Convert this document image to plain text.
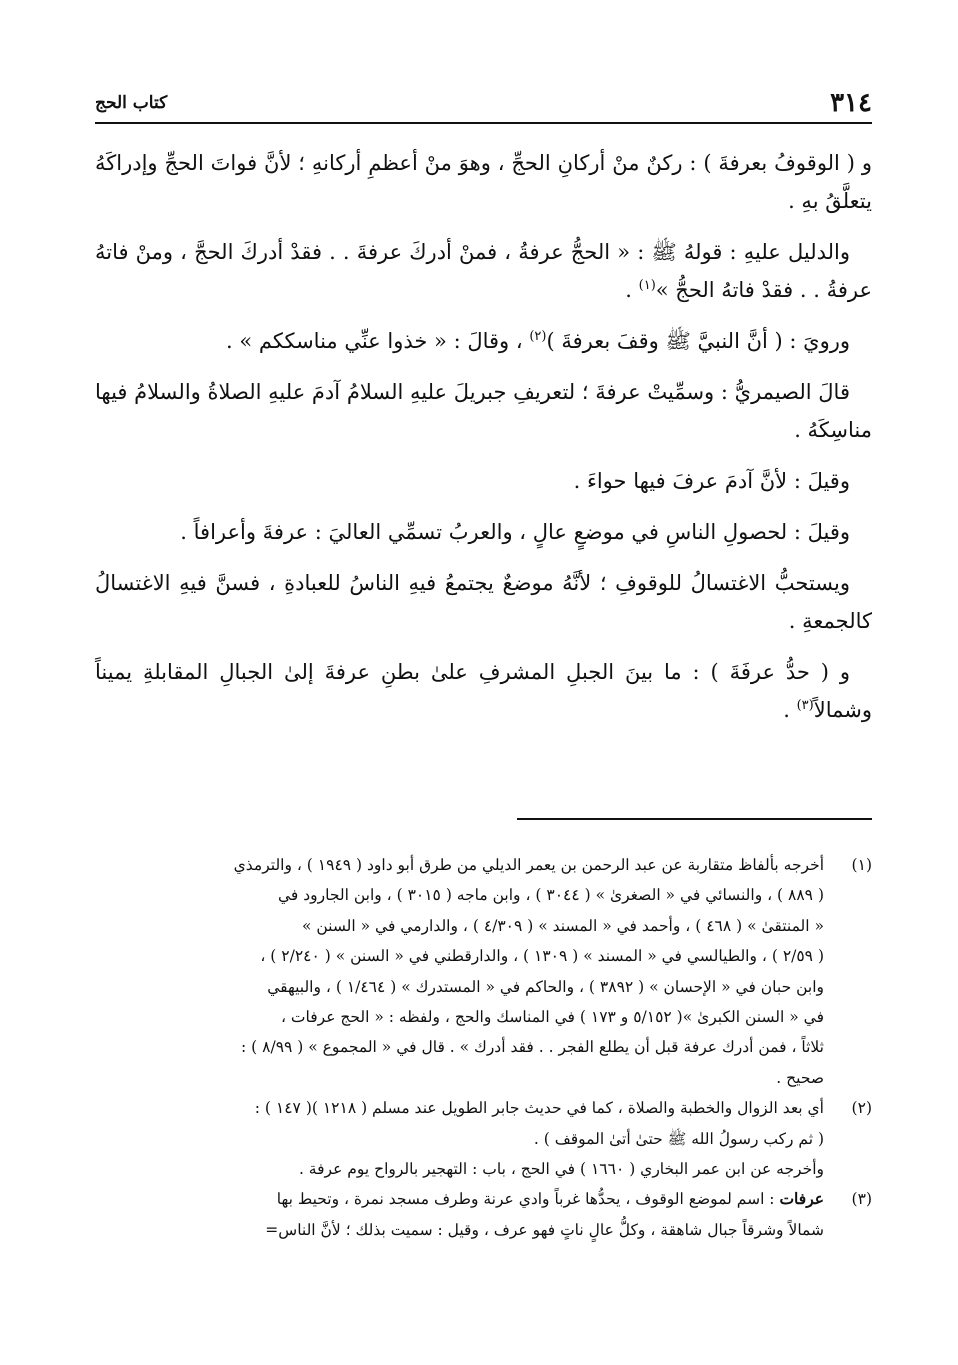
٣١٤
كتاب الحج

و ( الوقوفُ بعرفةَ ) : ركنٌ منْ أركانِ الحجِّ ، وهوَ منْ أعظمِ أركانهِ ؛ لأنَّ فواتَ الحجِّ وإدراكَهُ يتعلَّقُ بهِ .

والدليل عليهِ : قولهُ ﷺ : « الحجُّ عرفةُ ، فمنْ أدركَ عرفةَ . . فقدْ أدركَ الحجَّ ، ومنْ فاتهُ عرفةُ . . فقدْ فاتهُ الحجُّ »$^{(١)}$ .

ورويَ : ( أنَّ النبيَّ ﷺ وقفَ بعرفةَ )$^{(٢)}$ ، وقالَ : « خذوا عنِّي مناسككم » .

قالَ الصيمريُّ : وسمِّيتْ عرفةَ ؛ لتعريفِ جبريلَ عليهِ السلامُ آدمَ عليهِ الصلاةُ والسلامُ فيها مناسِكَهُ .

وقيلَ : لأنَّ آدمَ عرفَ فيها حواءَ .

وقيلَ : لحصولِ الناسِ في موضعٍ عالٍ ، والعربُ تسمِّي العاليَ : عرفةَ وأعرافاً .

ويستحبُّ الاغتسالُ للوقوفِ ؛ لأنَّهُ موضعٌ يجتمعُ فيهِ الناسُ للعبادةِ ، فسنَّ فيهِ الاغتسالُ كالجمعةِ .

و ( حدُّ عرفَةَ ) : ما بينَ الجبلِ المشرفِ علىٰ بطنِ عرفةَ إلىٰ الجبالِ المقابلةِ يميناً وشمالاً$^{(٣)}$ .

(١)
أخرجه بألفاظ متقاربة عن عبد الرحمن بن يعمر الديلي من طرق أبو داود ( ١٩٤٩ ) ، والترمذي
( ٨٨٩ ) ، والنسائي في « الصغرىٰ » ( ٣٠٤٤ ) ، وابن ماجه ( ٣٠١٥ ) ، وابن الجارود في
« المنتقىٰ » ( ٤٦٨ ) ، وأحمد في « المسند » ( ٤/٣٠٩ ) ، والدارمي في « السنن »
( ٢/٥٩ ) ، والطيالسي في « المسند » ( ١٣٠٩ ) ، والدارقطني في « السنن » ( ٢/٢٤٠ ) ،
وابن حبان في « الإحسان » ( ٣٨٩٢ ) ، والحاكم في « المستدرك » ( ١/٤٦٤ ) ، والبيهقي
في « السنن الكبرىٰ »( ٥/١٥٢ و ١٧٣ ) في المناسك والحج ، ولفظه : « الحج عرفات ،
ثلاثاً ، فمن أدرك عرفة قبل أن يطلع الفجر . . فقد أدرك » . قال في « المجموع » ( ٨/٩٩ ) :
صحيح .
(٢)
أي بعد الزوال والخطبة والصلاة ، كما في حديث جابر الطويل عند مسلم ( ١٢١٨ )( ١٤٧ ) :
( ثم ركب رسولُ الله ﷺ حتىٰ أتىٰ الموقف ) .
وأخرجه عن ابن عمر البخاري ( ١٦٦٠ ) في الحج ، باب : التهجير بالرواح يوم عرفة .
(٣)
عرفات : اسم لموضع الوقوف ، يحدُّها غرباً وادي عرنة وطرف مسجد نمرة ، وتحيط بها
شمالاً وشرقاً جبال شاهقة ، وكلُّ عالٍ ناتٍ فهو عرف ، وقيل : سميت بذلك ؛ لأنَّ الناس=
